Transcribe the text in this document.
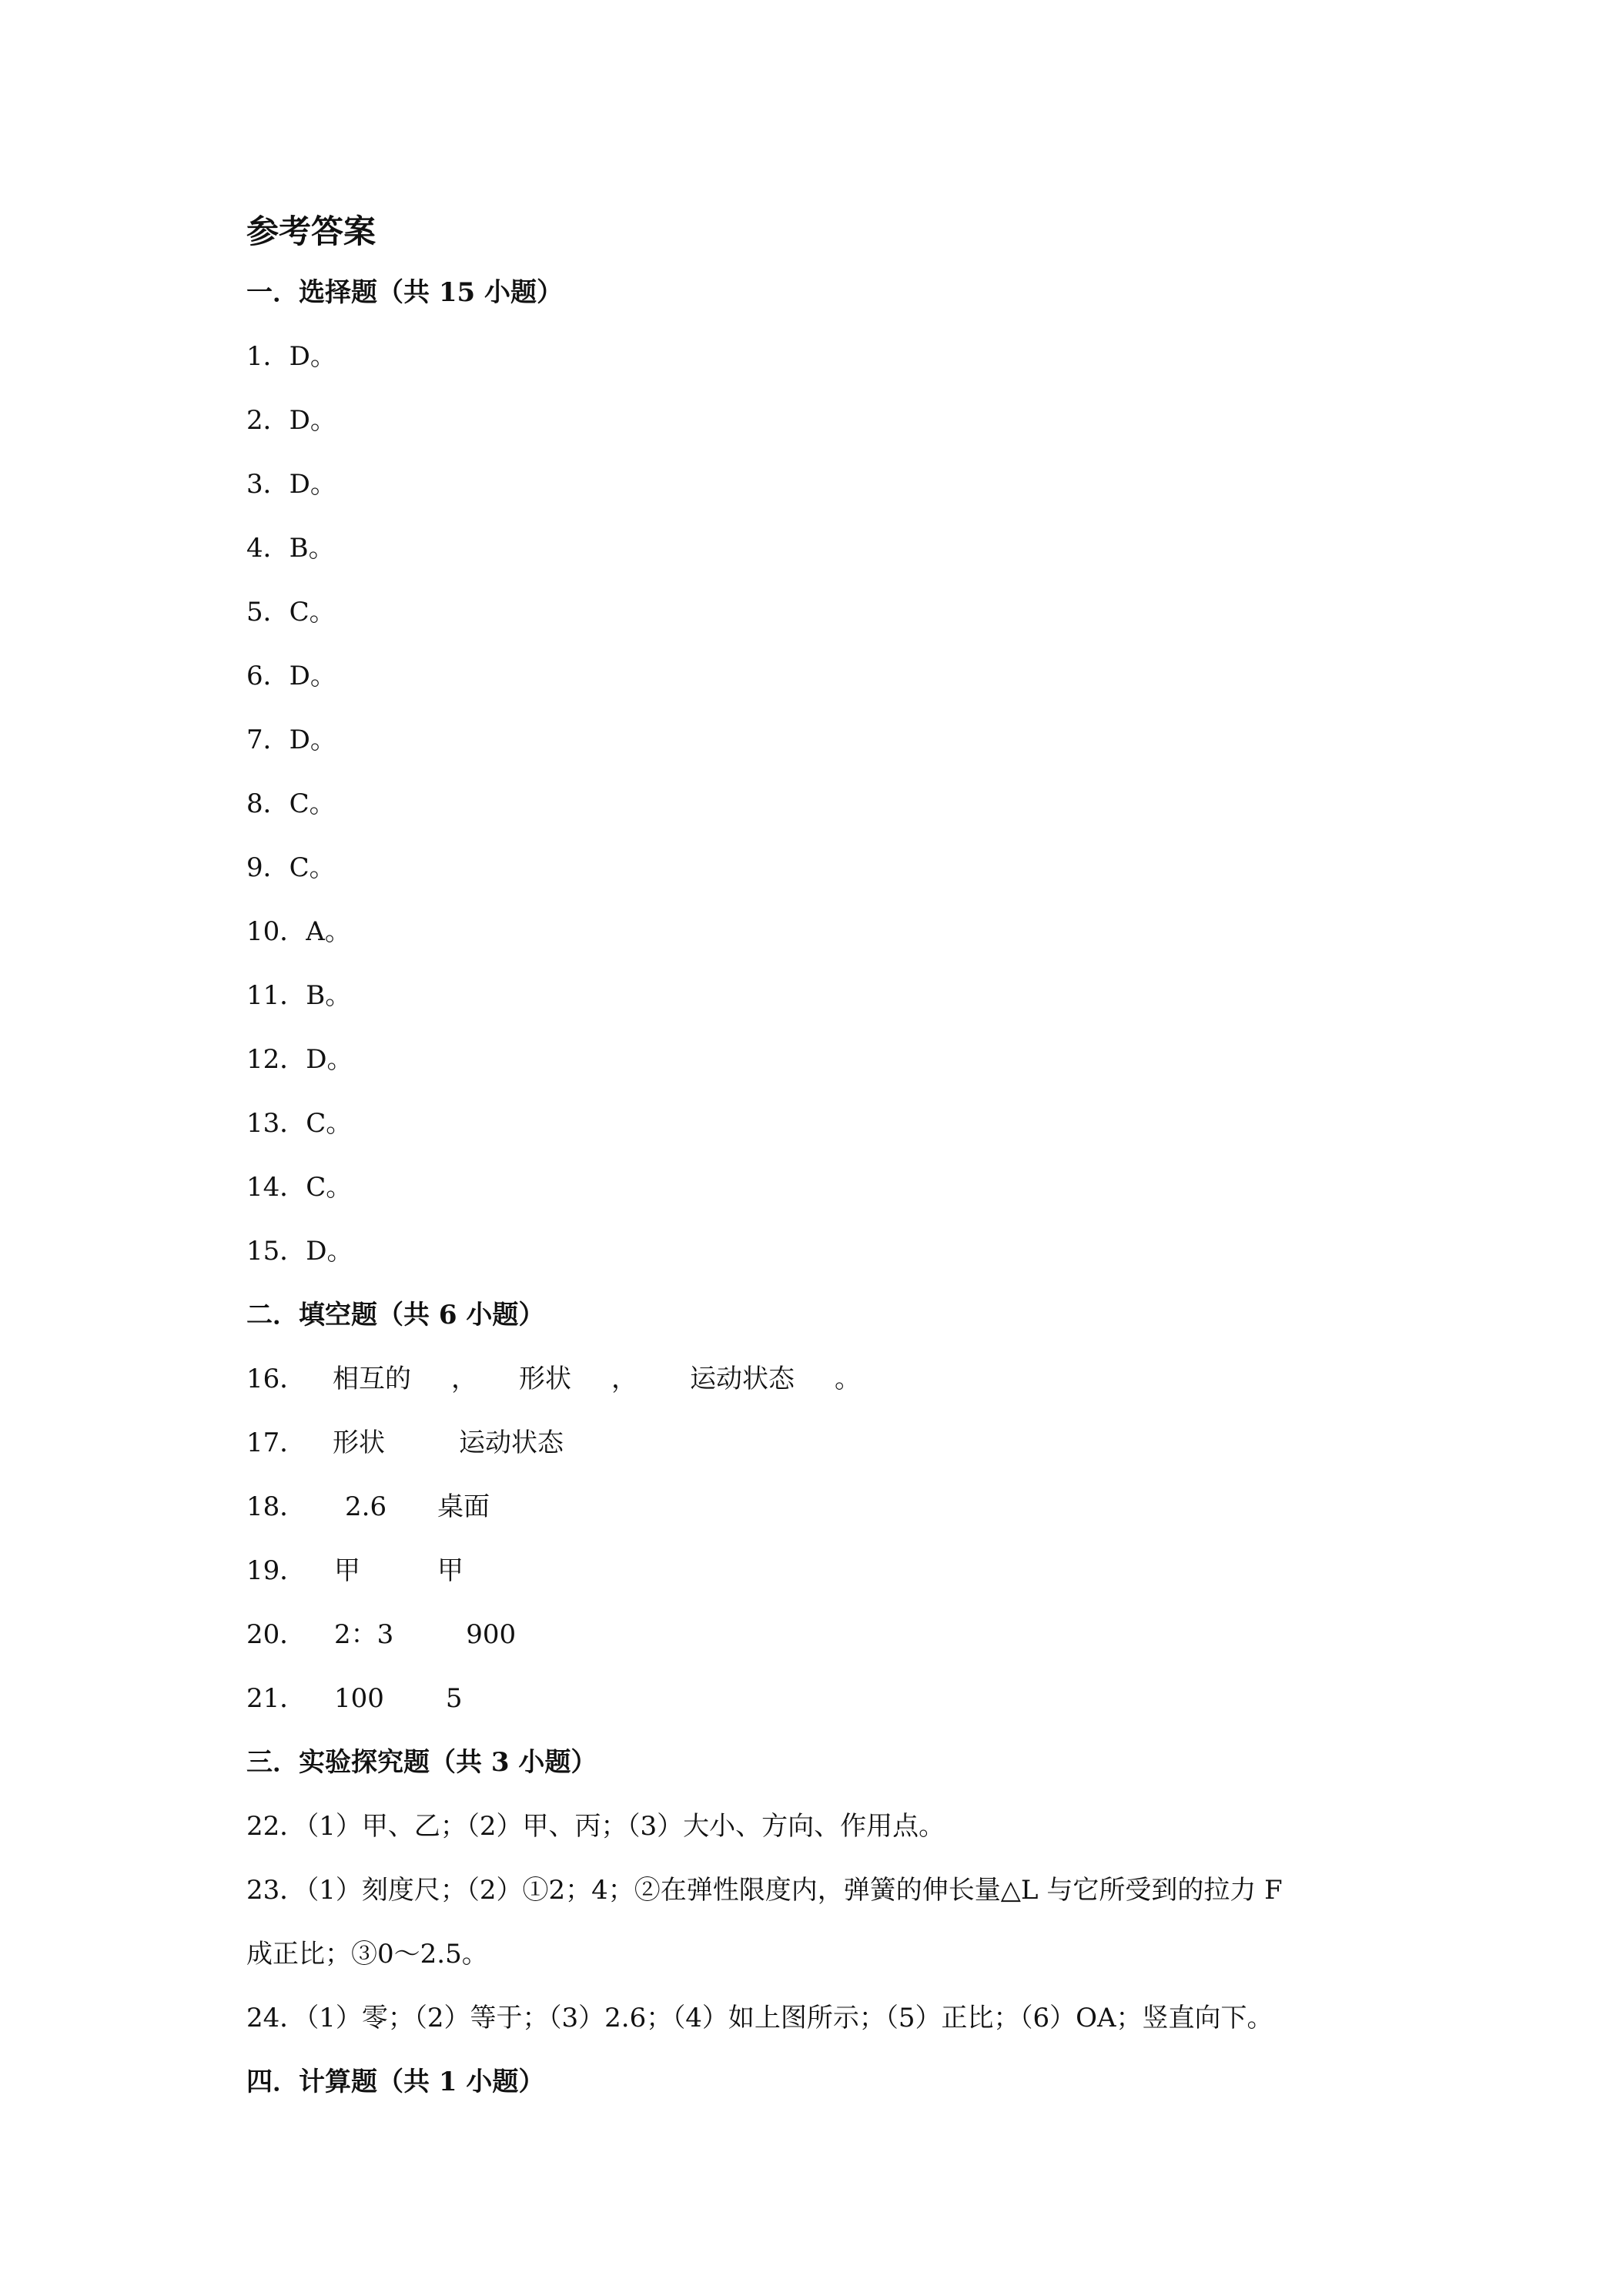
参考答案
一．选择题（共 15 小题）
1．D。
2．D。
3．D。
4．B。
5．C。
6．D。
7．D。
8．C。
9．C。
10．A。
11．B。
12．D。
13．C。
14．C。
15．D。
二．填空题（共 6 小题）
16． 相互的 ， 形状 ， 运动状态 。
17． 形状	运动状态
18． 2.6 桌面
19． 甲	甲
20． 2：3	900
21． 100 5
三．实验探究题（共 3 小题）
22．（1）甲、乙；（2）甲、丙；（3）大小、方向、作用点。
23．（1）刻度尺；（2）①2；4；②在弹性限度内，弹簧的伸长量△L 与它所受到的拉力 F
成正比；③0～2.5。
24．（1）零；（2）等于；（3）2.6；（4）如上图所示；（5）正比；（6）OA；竖直向下。
四．计算题（共 1 小题）
